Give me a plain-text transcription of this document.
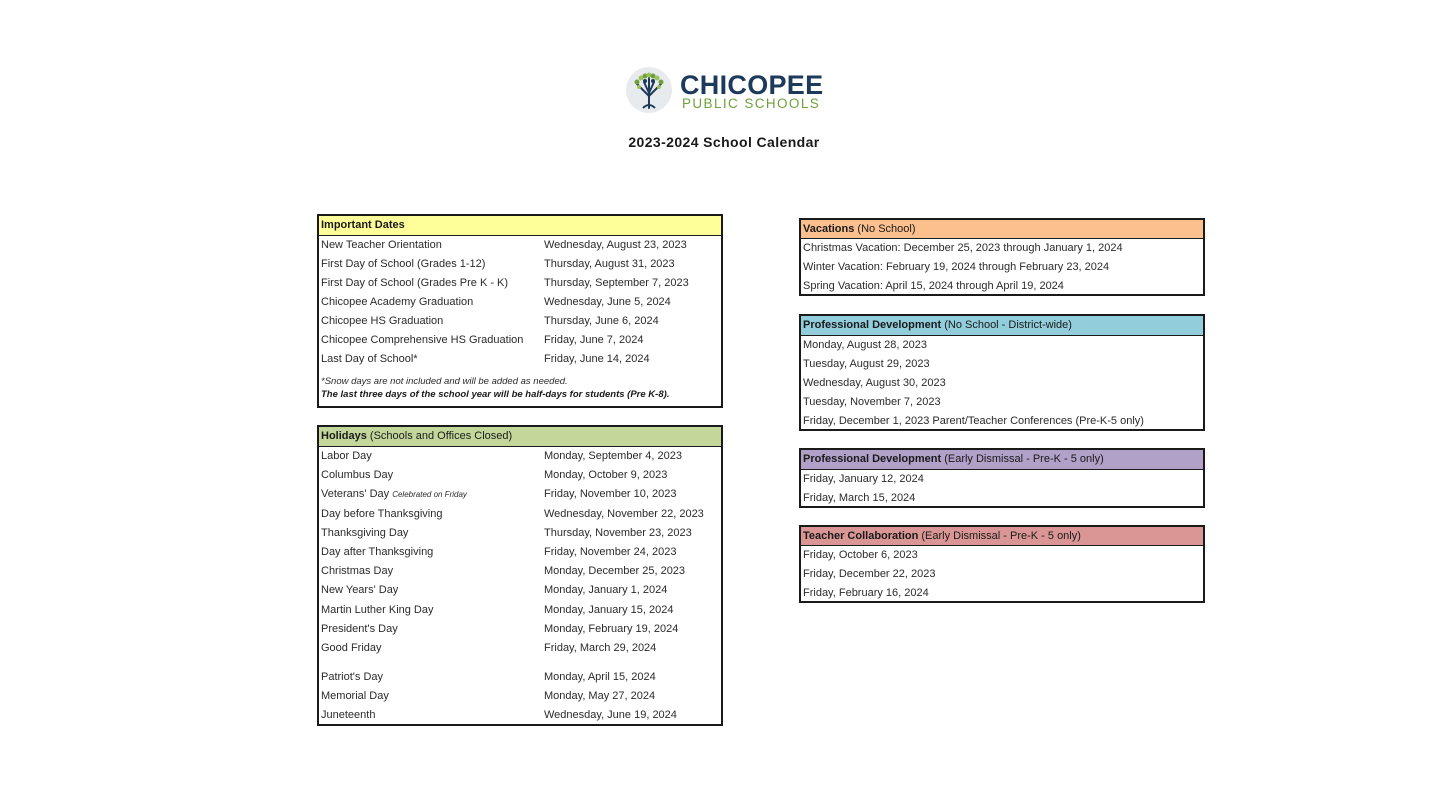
CHICOPEE
PUBLIC SCHOOLS
2023-2024 School Calendar
Important Dates
New Teacher Orientation	Wednesday, August 23, 2023
First Day of School (Grades 1-12)	Thursday, August 31, 2023
First Day of School (Grades Pre K - K)	Thursday, September 7, 2023
Chicopee Academy Graduation	Wednesday, June 5, 2024
Chicopee HS Graduation	Thursday, June 6, 2024
Chicopee Comprehensive HS Graduation Friday, June 7, 2024
Last Day of School*	Friday, June 14, 2024
*Snow days are not included and will be added as needed.
The last three days of the school year will be half-days for students (Pre K-8).
Holidays (Schools and Offices Closed)
Labor Day	Monday, September 4, 2023
Columbus Day	Monday, October 9, 2023
Veterans' Day Celebrated on Friday	Friday, November 10, 2023
Day before Thanksgiving	Wednesday, November 22, 2023
Thanksgiving Day	Thursday, November 23, 2023
Day after Thanksgiving	Friday, November 24, 2023
Christmas Day	Monday, December 25, 2023
New Years' Day	Monday, January 1, 2024
Martin Luther King Day	Monday, January 15, 2024
President's Day	Monday, February 19, 2024
Good Friday	Friday, March 29, 2024
Patriot's Day	Monday, April 15, 2024
Memorial Day	Monday, May 27, 2024
Juneteenth	Wednesday, June 19, 2024
Vacations (No School)
Christmas Vacation: December 25, 2023 through January 1, 2024
Winter Vacation: February 19, 2024 through February 23, 2024
Spring Vacation: April 15, 2024 through April 19, 2024
Professional Development (No School - District-wide)
Monday, August 28, 2023
Tuesday, August 29, 2023
Wednesday, August 30, 2023
Tuesday, November 7, 2023
Friday, December 1, 2023 Parent/Teacher Conferences (Pre-K-5 only)
Professional Development (Early Dismissal - Pre-K - 5 only)
Friday, January 12, 2024
Friday, March 15, 2024
Teacher Collaboration (Early Dismissal - Pre-K - 5 only)
Friday, October 6, 2023
Friday, December 22, 2023
Friday, February 16, 2024
